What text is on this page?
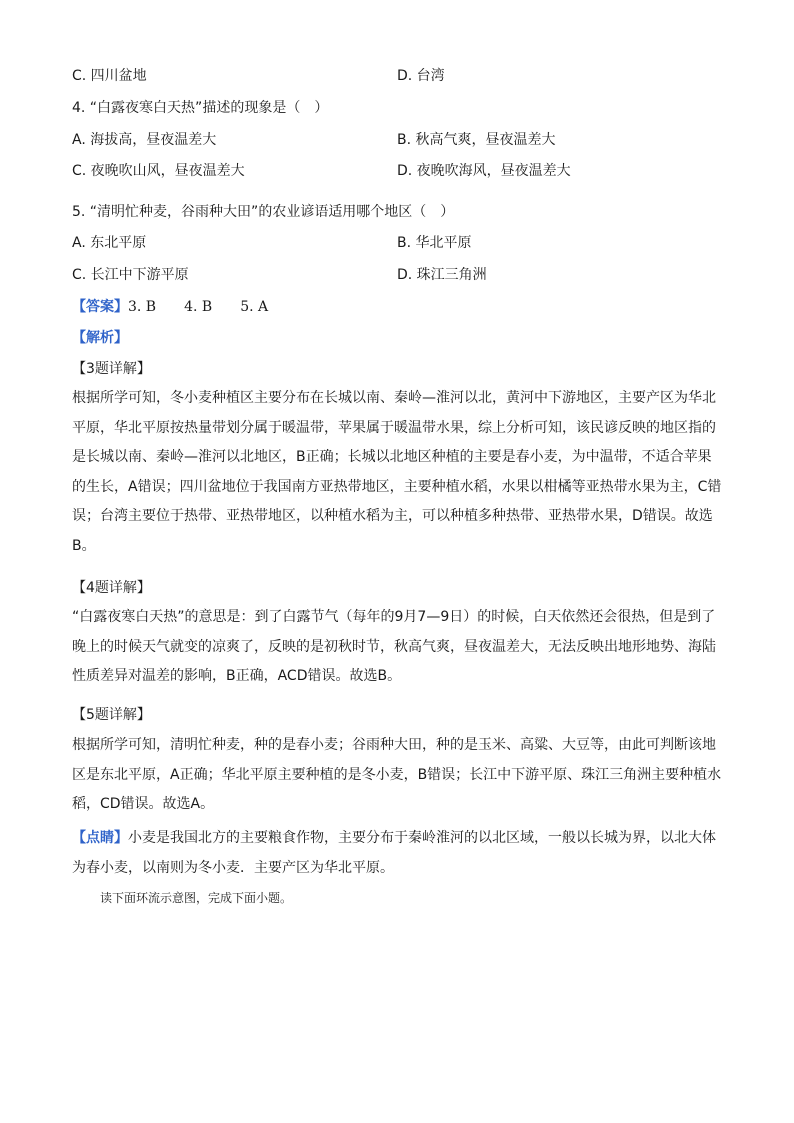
C. 四川盆地	D. 台湾
4. “白露夜寒白天热”描述的现象是（　）
A. 海拔高，昼夜温差大	B. 秋高气爽，昼夜温差大
C. 夜晚吹山风，昼夜温差大	D. 夜晚吹海风，昼夜温差大
5. “清明忙种麦，谷雨种大田”的农业谚语适用哪个地区（　）
A. 东北平原	B. 华北平原
C. 长江中下游平原	D. 珠江三角洲
【答案】3. B　　4. B　　5. A
【解析】
【3题详解】
根据所学可知，冬小麦种植区主要分布在长城以南、秦岭—淮河以北，黄河中下游地区，主要产区为华北平原，华北平原按热量带划分属于暖温带，苹果属于暖温带水果，综上分析可知，该民谚反映的地区指的是长城以南、秦岭—淮河以北地区，B正确；长城以北地区种植的主要是春小麦，为中温带，不适合苹果的生长，A错误；四川盆地位于我国南方亚热带地区，主要种植水稻，水果以柑橘等亚热带水果为主，C错误；台湾主要位于热带、亚热带地区，以种植水稻为主，可以种植多种热带、亚热带水果，D错误。故选B。
【4题详解】
“白露夜寒白天热”的意思是：到了白露节气（每年的9月7—9日）的时候，白天依然还会很热，但是到了晚上的时候天气就变的凉爽了，反映的是初秋时节，秋高气爽，昼夜温差大，无法反映出地形地势、海陆性质差异对温差的影响，B正确，ACD错误。故选B。
【5题详解】
根据所学可知，清明忙种麦，种的是春小麦；谷雨种大田，种的是玉米、高粱、大豆等，由此可判断该地区是东北平原，A正确；华北平原主要种植的是冬小麦，B错误；长江中下游平原、珠江三角洲主要种植水稻，CD错误。故选A。
【点睛】小麦是我国北方的主要粮食作物，主要分布于秦岭淮河的以北区域，一般以长城为界，以北大体为春小麦，以南则为冬小麦．主要产区为华北平原。
读下面环流示意图，完成下面小题。
